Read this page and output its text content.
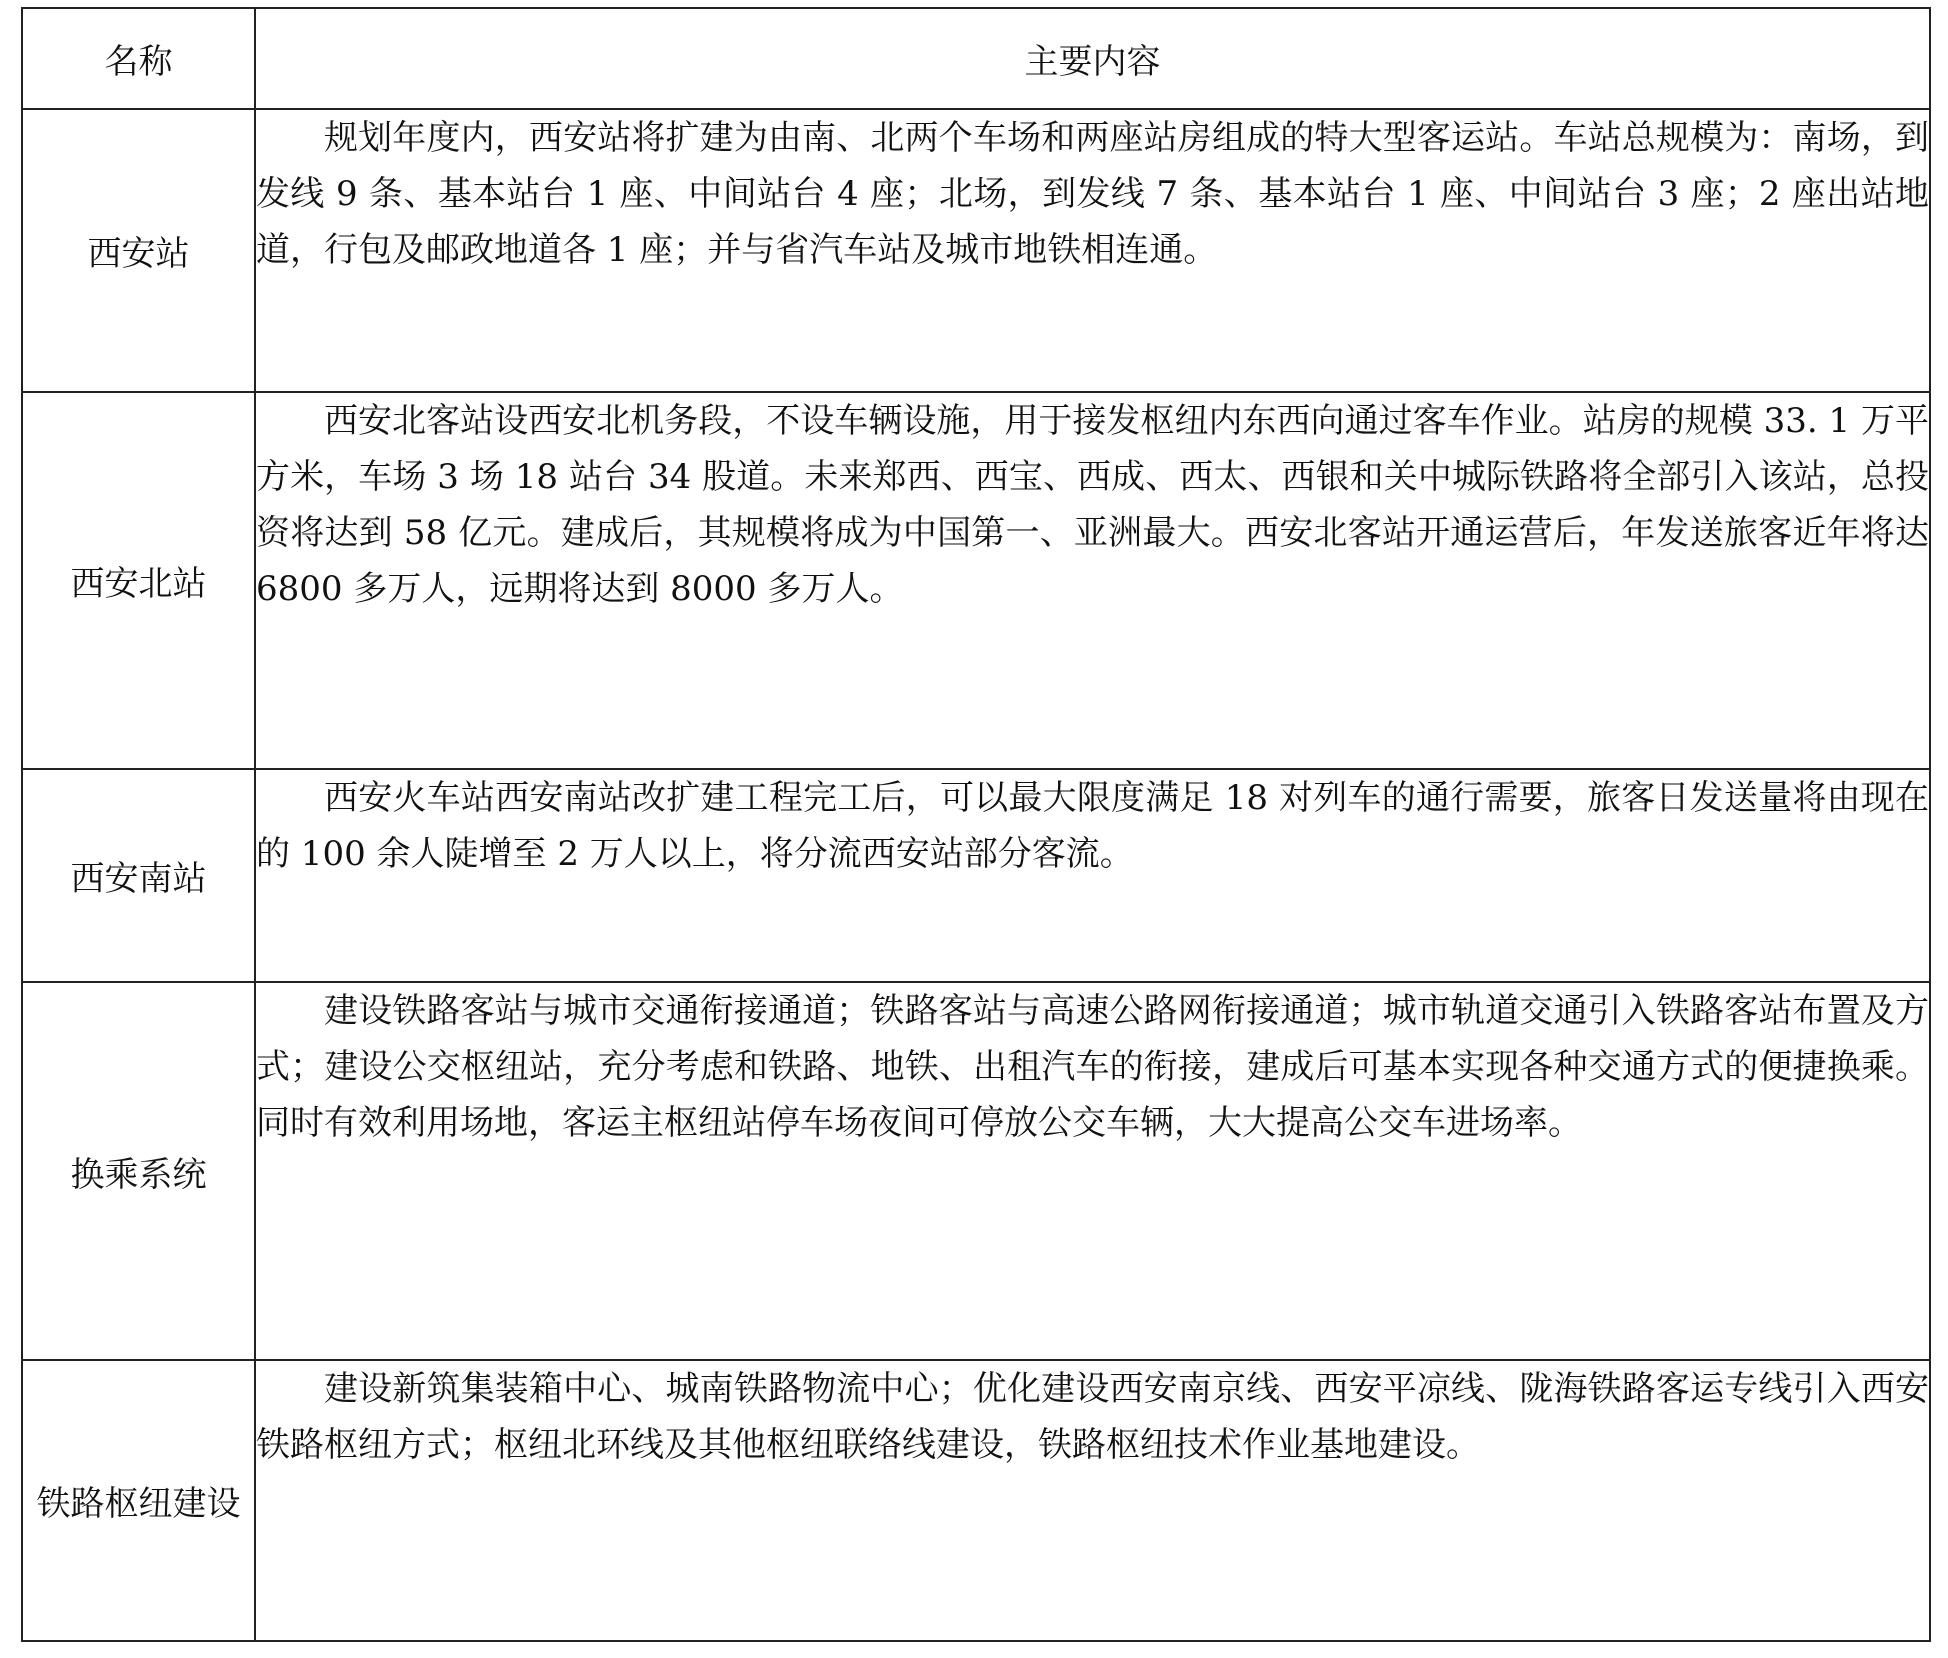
名称	主要内容
西安站	规划年度内，西安站将扩建为由南、北两个车场和两座站房组成的特大型客运站。车站总规模为：南场，到发线 9 条、基本站台 1 座、中间站台 4 座；北场，到发线 7 条、基本站台 1 座、中间站台 3 座；2 座出站地道，行包及邮政地道各 1 座；并与省汽车站及城市地铁相连通。

西安北站	西安北客站设西安北机务段，不设车辆设施，用于接发枢纽内东西向通过客车作业。站房的规模 33. 1 万平方米，车场 3 场 18 站台 34 股道。未来郑西、西宝、西成、西太、西银和关中城际铁路将全部引入该站，总投资将达到 58 亿元。建成后，其规模将成为中国第一、亚洲最大。西安北客站开通运营后，年发送旅客近年将达 6800 多万人，远期将达到 8000 多万人。

西安南站	西安火车站西安南站改扩建工程完工后，可以最大限度满足 18 对列车的通行需要，旅客日发送量将由现在的 100 余人陡增至 2 万人以上，将分流西安站部分客流。

换乘系统	建设铁路客站与城市交通衔接通道；铁路客站与高速公路网衔接通道；城市轨道交通引入铁路客站布置及方式；建设公交枢纽站，充分考虑和铁路、地铁、出租汽车的衔接，建成后可基本实现各种交通方式的便捷换乘。同时有效利用场地，客运主枢纽站停车场夜间可停放公交车辆，大大提高公交车进场率。

铁路枢纽建设	建设新筑集装箱中心、城南铁路物流中心；优化建设西安南京线、西安平凉线、陇海铁路客运专线引入西安铁路枢纽方式；枢纽北环线及其他枢纽联络线建设，铁路枢纽技术作业基地建设。
